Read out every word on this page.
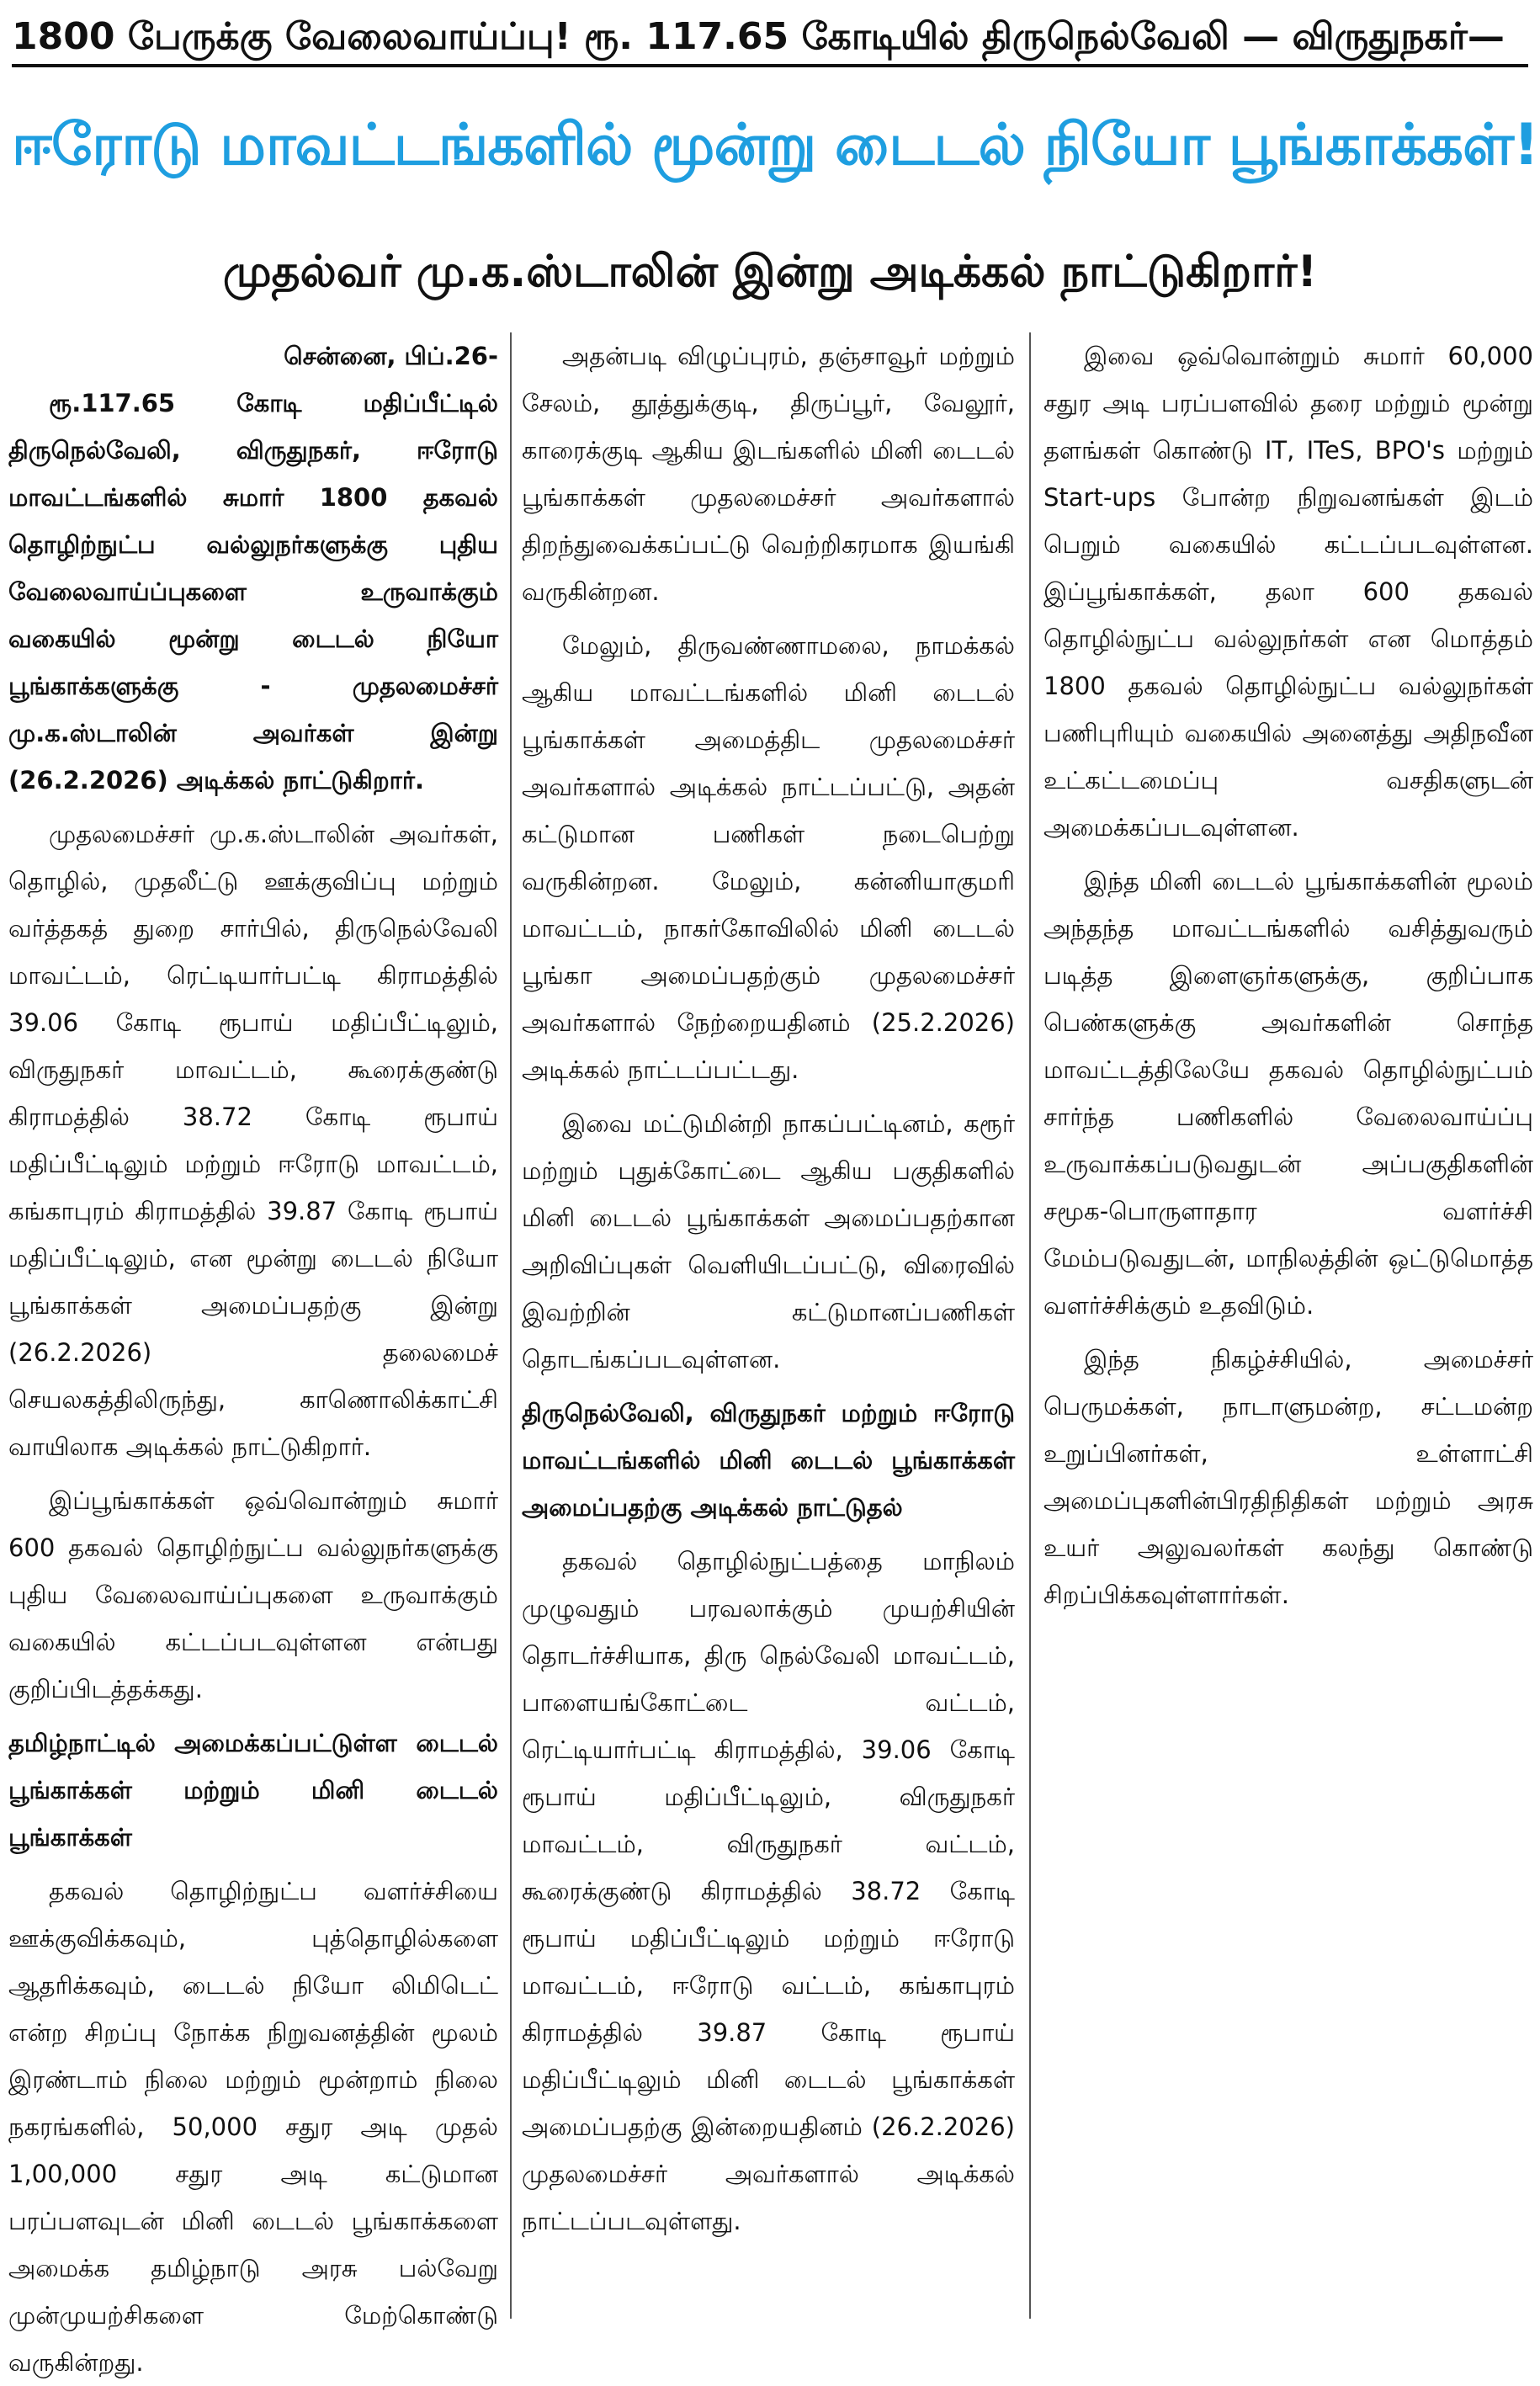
1800 பேருக்கு வேலைவாய்ப்பு! ரூ. 117.65 கோடியில் திருநெல்வேலி — விருதுநகர்—
ஈரோடு மாவட்டங்களில் மூன்று டைடல் நியோ பூங்காக்கள்!
முதல்வர் மு.க.ஸ்டாலின் இன்று அடிக்கல் நாட்டுகிறார்!

சென்னை, பிப்.26-

ரூ.117.65 கோடி மதிப்பீட்டில் திருநெல்வேலி, விருதுநகர், ஈரோடு மாவட்டங்களில் சுமார் 1800 தகவல் தொழிற்நுட்ப வல்லுநர்களுக்கு புதிய வேலைவாய்ப்புகளை உருவாக்கும் வகையில் மூன்று டைடல் நியோ பூங்காக்களுக்கு - முதலமைச்சர் மு.க.ஸ்டாலின் அவர்கள் இன்று (26.2.2026) அடிக்கல் நாட்டுகிறார்.

முதலமைச்சர் மு.க.ஸ்டாலின் அவர்கள், தொழில், முதலீட்டு ஊக்குவிப்பு மற்றும் வர்த்தகத் துறை சார்பில், திருநெல்வேலி மாவட்டம், ரெட்டியார்பட்டி கிராமத்தில் 39.06 கோடி ரூபாய் மதிப்பீட்டிலும், விருதுநகர் மாவட்டம், கூரைக்குண்டு கிராமத்தில் 38.72 கோடி ரூபாய் மதிப்பீட்டிலும் மற்றும் ஈரோடு மாவட்டம், கங்காபுரம் கிராமத்தில் 39.87 கோடி ரூபாய் மதிப்பீட்டிலும், என மூன்று டைடல் நியோ பூங்காக்கள் அமைப்பதற்கு இன்று (26.2.2026) தலைமைச் செயலகத்திலிருந்து, காணொலிக்காட்சி வாயிலாக அடிக்கல் நாட்டுகிறார்.

இப்பூங்காக்கள் ஒவ்வொன்றும் சுமார் 600 தகவல் தொழிற்நுட்ப வல்லுநர்களுக்கு புதிய வேலைவாய்ப்புகளை உருவாக்கும் வகையில் கட்டப்படவுள்ளன என்பது குறிப்பிடத்தக்கது.

தமிழ்நாட்டில் அமைக்கப்பட்டுள்ள டைடல் பூங்காக்கள் மற்றும் மினி டைடல் பூங்காக்கள்

தகவல் தொழிற்நுட்ப வளர்ச்சியை ஊக்குவிக்கவும், புத்தொழில்களை ஆதரிக்கவும், டைடல் நியோ லிமிடெட் என்ற சிறப்பு நோக்க நிறுவனத்தின் மூலம் இரண்டாம் நிலை மற்றும் மூன்றாம் நிலை நகரங்களில், 50,000 சதுர அடி முதல் 1,00,000 சதுர அடி கட்டுமான பரப்பளவுடன் மினி டைடல் பூங்காக்களை அமைக்க தமிழ்நாடு அரசு பல்வேறு முன்முயற்சிகளை மேற்கொண்டு வருகின்றது.

அதன்படி விழுப்புரம், தஞ்சாவூர் மற்றும் சேலம், தூத்துக்குடி, திருப்பூர், வேலூர், காரைக்குடி ஆகிய இடங்களில் மினி டைடல் பூங்காக்கள் முதலமைச்சர் அவர்களால் திறந்துவைக்கப்பட்டு வெற்றிகரமாக இயங்கி வருகின்றன.

மேலும், திருவண்ணாமலை, நாமக்கல் ஆகிய மாவட்டங்களில் மினி டைடல் பூங்காக்கள் அமைத்திட முதலமைச்சர் அவர்களால் அடிக்கல் நாட்டப்பட்டு, அதன் கட்டுமான பணிகள் நடைபெற்று வருகின்றன. மேலும், கன்னியாகுமரி மாவட்டம், நாகர்கோவிலில் மினி டைடல் பூங்கா அமைப்பதற்கும் முதலமைச்சர் அவர்களால் நேற்றையதினம் (25.2.2026) அடிக்கல் நாட்டப்பட்டது.

இவை மட்டுமின்றி நாகப்பட்டினம், கரூர் மற்றும் புதுக்கோட்டை ஆகிய பகுதிகளில் மினி டைடல் பூங்காக்கள் அமைப்பதற்கான அறிவிப்புகள் வெளியிடப்பட்டு, விரைவில் இவற்றின் கட்டுமானப்பணிகள் தொடங்கப்படவுள்ளன.

திருநெல்வேலி, விருதுநகர் மற்றும் ஈரோடு மாவட்டங்களில் மினி டைடல் பூங்காக்கள் அமைப்பதற்கு அடிக்கல் நாட்டுதல்

தகவல் தொழில்நுட்பத்தை மாநிலம் முழுவதும் பரவலாக்கும் முயற்சியின் தொடர்ச்சியாக, திரு நெல்வேலி மாவட்டம், பாளையங்கோட்டை வட்டம், ரெட்டியார்பட்டி கிராமத்தில், 39.06 கோடி ரூபாய் மதிப்பீட்டிலும், விருதுநகர் மாவட்டம், விருதுநகர் வட்டம், கூரைக்குண்டு கிராமத்தில் 38.72 கோடி ரூபாய் மதிப்பீட்டிலும் மற்றும் ஈரோடு மாவட்டம், ஈரோடு வட்டம், கங்காபுரம் கிராமத்தில் 39.87 கோடி ரூபாய் மதிப்பீட்டிலும் மினி டைடல் பூங்காக்கள் அமைப்பதற்கு இன்றையதினம் (26.2.2026) முதலமைச்சர் அவர்களால் அடிக்கல் நாட்டப்படவுள்ளது.

இவை ஒவ்வொன்றும் சுமார் 60,000 சதுர அடி பரப்பளவில் தரை மற்றும் மூன்று தளங்கள் கொண்டு IT, ITeS, BPO's மற்றும் Start-ups போன்ற நிறுவனங்கள் இடம் பெறும் வகையில் கட்டப்படவுள்ளன. இப்பூங்காக்கள், தலா 600 தகவல் தொழில்நுட்ப வல்லுநர்கள் என மொத்தம் 1800 தகவல் தொழில்நுட்ப வல்லுநர்கள் பணிபுரியும் வகையில் அனைத்து அதிநவீன உட்கட்டமைப்பு வசதிகளுடன் அமைக்கப்படவுள்ளன.

இந்த மினி டைடல் பூங்காக்களின் மூலம் அந்தந்த மாவட்டங்களில் வசித்துவரும் படித்த இளைஞர்களுக்கு, குறிப்பாக பெண்களுக்கு அவர்களின் சொந்த மாவட்டத்திலேயே தகவல் தொழில்நுட்பம் சார்ந்த பணிகளில் வேலைவாய்ப்பு உருவாக்கப்படுவதுடன் அப்பகுதிகளின் சமூக-பொருளாதார வளர்ச்சி மேம்படுவதுடன், மாநிலத்தின் ஒட்டுமொத்த வளர்ச்சிக்கும் உதவிடும்.

இந்த நிகழ்ச்சியில், அமைச்சர் பெருமக்கள், நாடாளுமன்ற, சட்டமன்ற உறுப்பினர்கள், உள்ளாட்சி அமைப்புகளின்பிரதிநிதிகள் மற்றும் அரசு உயர் அலுவலர்கள் கலந்து கொண்டு சிறப்பிக்கவுள்ளார்கள்.
